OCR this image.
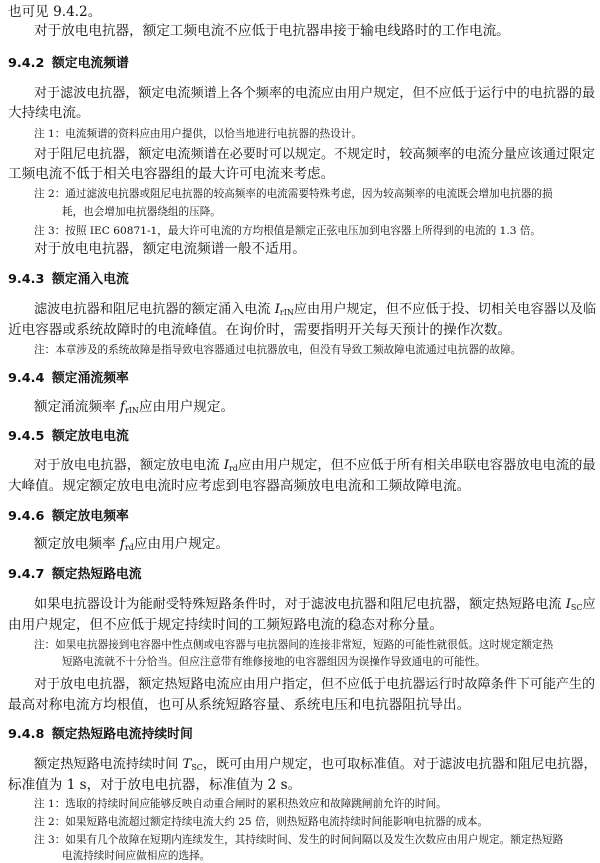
也可见 9.4.2。

对于放电电抗器，额定工频电流不应低于电抗器串接于输电线路时的工作电流。

9.4.2 额定电流频谱

对于滤波电抗器，额定电流频谱上各个频率的电流应由用户规定，但不应低于运行中的电抗器的最

大持续电流。

注 1：电流频谱的资料应由用户提供，以恰当地进行电抗器的热设计。

对于阻尼电抗器，额定电流频谱在必要时可以规定。不规定时，较高频率的电流分量应该通过限定

工频电流不低于相关电容器组的最大许可电流来考虑。

注 2：通过滤波电抗器或阻尼电抗器的较高频率的电流需要特殊考虑，因为较高频率的电流既会增加电抗器的损

耗，也会增加电抗器绕组的压降。

注 3：按照 IEC 60871-1，最大许可电流的方均根值是额定正弦电压加到电容器上所得到的电流的 1.3 倍。

对于放电电抗器，额定电流频谱一般不适用。

9.4.3 额定涌入电流

滤波电抗器和阻尼电抗器的额定涌入电流 $I_{rIN}$应由用户规定，但不应低于投、切相关电容器以及临

近电容器或系统故障时的电流峰值。在询价时，需要指明开关每天预计的操作次数。

注：本章涉及的系统故障是指导致电容器通过电抗器放电，但没有导致工频故障电流通过电抗器的故障。

9.4.4 额定涌流频率

额定涌流频率 $f_{rIN}$应由用户规定。

9.4.5 额定放电电流

对于放电电抗器，额定放电电流 $I_{rd}$应由用户规定，但不应低于所有相关串联电容器放电电流的最

大峰值。规定额定放电电流时应考虑到电容器高频放电电流和工频故障电流。

9.4.6 额定放电频率

额定放电频率 $f_{rd}$应由用户规定。

9.4.7 额定热短路电流

如果电抗器设计为能耐受特殊短路条件时，对于滤波电抗器和阻尼电抗器，额定热短路电流 $I_{SC}$应

由用户规定，但不应低于规定持续时间的工频短路电流的稳态对称分量。

注：如果电抗器接到电容器中性点侧或电容器与电抗器间的连接非常短，短路的可能性就很低。这时规定额定热

短路电流就不十分恰当。但应注意带有维修接地的电容器组因为误操作导致通电的可能性。

对于放电电抗器，额定热短路电流应由用户指定，但不应低于电抗器运行时故障条件下可能产生的

最高对称电流方均根值，也可从系统短路容量、系统电压和电抗器阻抗导出。

9.4.8 额定热短路电流持续时间

额定热短路电流持续时间 $T_{SC}$，既可由用户规定，也可取标准值。对于滤波电抗器和阻尼电抗器，

标准值为 1 s，对于放电电抗器，标准值为 2 s。

注 1：选取的持续时间应能够反映自动重合闸时的累积热效应和故障跳闸前允许的时间。

注 2：如果短路电流超过额定持续电流大约 25 倍，则热短路电流持续时间能影响电抗器的成本。

注 3：如果有几个故障在短期内连续发生，其持续时间、发生的时间间隔以及发生次数应由用户规定。额定热短路

电流持续时间应做相应的选择。
